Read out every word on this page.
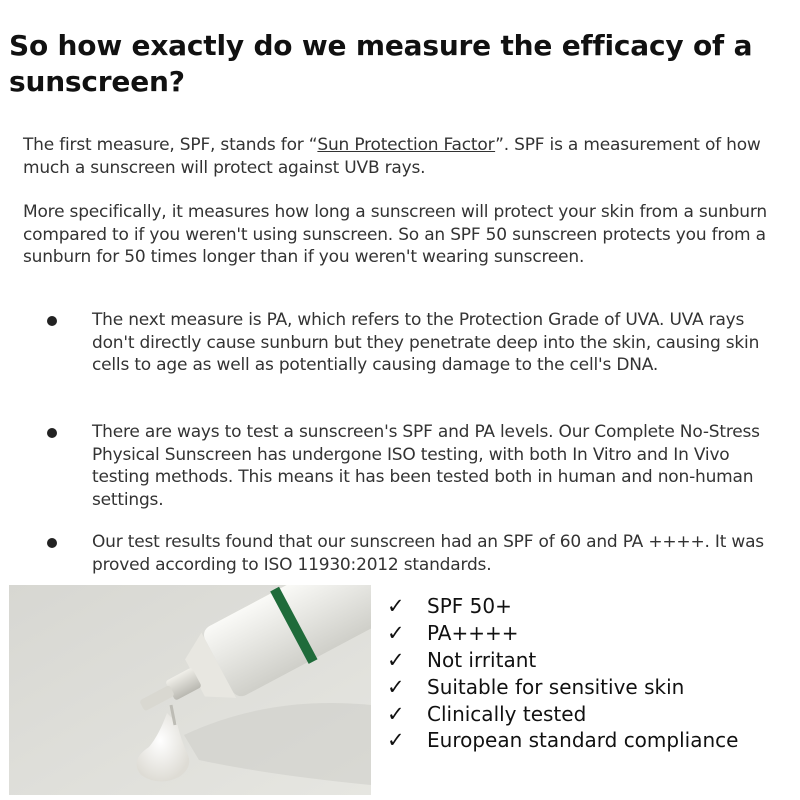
So how exactly do we measure the efficacy of a sunscreen?

The first measure, SPF, stands for “Sun Protection Factor”. SPF is a measurement of how much a sunscreen will protect against UVB rays.

More specifically, it measures how long a sunscreen will protect your skin from a sunburn compared to if you weren't using sunscreen. So an SPF 50 sunscreen protects you from a sunburn for 50 times longer than if you weren't wearing sunscreen.

The next measure is PA, which refers to the Protection Grade of UVA. UVA rays don't directly cause sunburn but they penetrate deep into the skin, causing skin cells to age as well as potentially causing damage to the cell's DNA.
There are ways to test a sunscreen's SPF and PA levels. Our Complete No-Stress Physical Sunscreen has undergone ISO testing, with both In Vitro and In Vivo testing methods. This means it has been tested both in human and non-human settings.
Our test results found that our sunscreen had an SPF of 60 and PA ++++. It was proved according to ISO 11930:2012 standards.
✓	SPF 50+
✓	PA++++
✓	Not irritant
✓	Suitable for sensitive skin
✓	Clinically tested
✓	European standard compliance
